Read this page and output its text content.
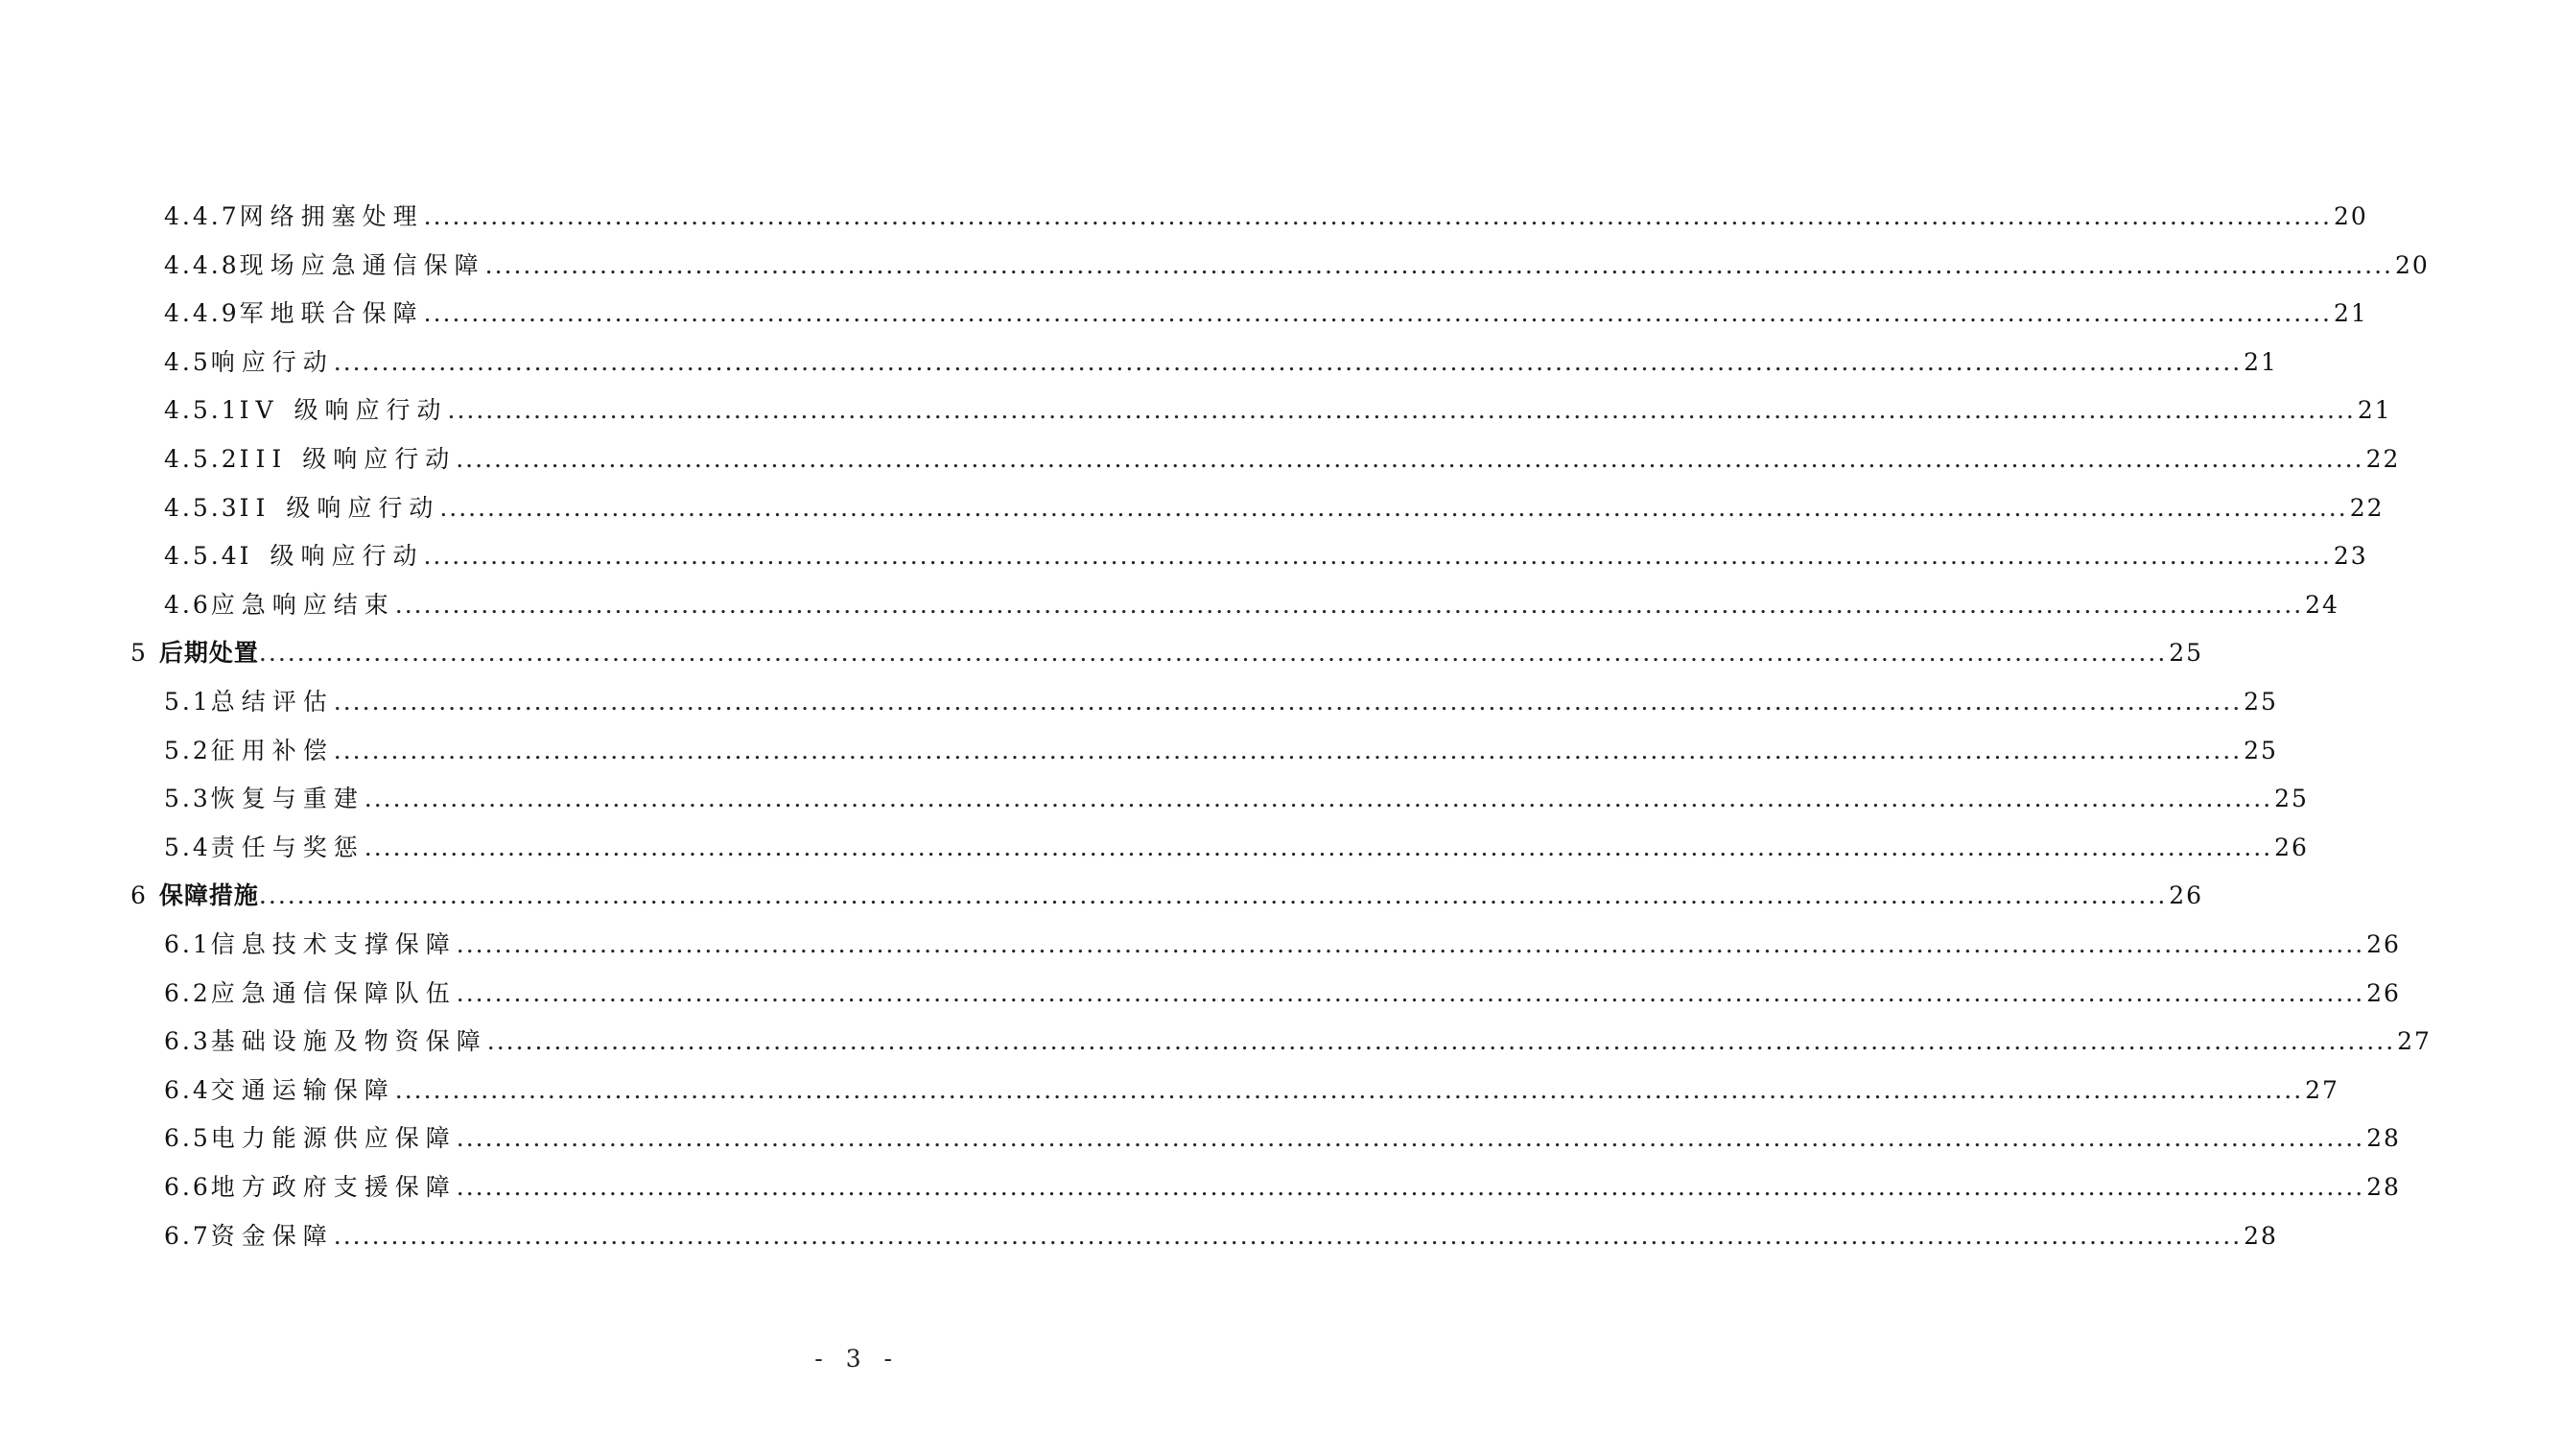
4.4.7 网络拥塞处理 ........................................................................................................................................................................................................ 20
4.4.8 现场应急通信保障 ........................................................................................................................................................................................................ 20
4.4.9 军地联合保障 ........................................................................................................................................................................................................ 21
4.5 响应行动 ........................................................................................................................................................................................................ 21
4.5.1 IV 级响应行动 ........................................................................................................................................................................................................ 21
4.5.2 III 级响应行动 ........................................................................................................................................................................................................ 22
4.5.3 II 级响应行动 ........................................................................................................................................................................................................ 22
4.5.4 I 级响应行动 ........................................................................................................................................................................................................ 23
4.6 应急响应结束 ........................................................................................................................................................................................................ 24
5 后期处置 ........................................................................................................................................................................................................ 25
5.1 总结评估 ........................................................................................................................................................................................................ 25
5.2 征用补偿 ........................................................................................................................................................................................................ 25
5.3 恢复与重建 ........................................................................................................................................................................................................ 25
5.4 责任与奖惩 ........................................................................................................................................................................................................ 26
6 保障措施 ........................................................................................................................................................................................................ 26
6.1 信息技术支撑保障 ........................................................................................................................................................................................................ 26
6.2 应急通信保障队伍 ........................................................................................................................................................................................................ 26
6.3 基础设施及物资保障 ........................................................................................................................................................................................................ 27
6.4 交通运输保障 ........................................................................................................................................................................................................ 27
6.5 电力能源供应保障 ........................................................................................................................................................................................................ 28
6.6 地方政府支援保障 ........................................................................................................................................................................................................ 28
6.7 资金保障 ........................................................................................................................................................................................................ 28
- 3 -
